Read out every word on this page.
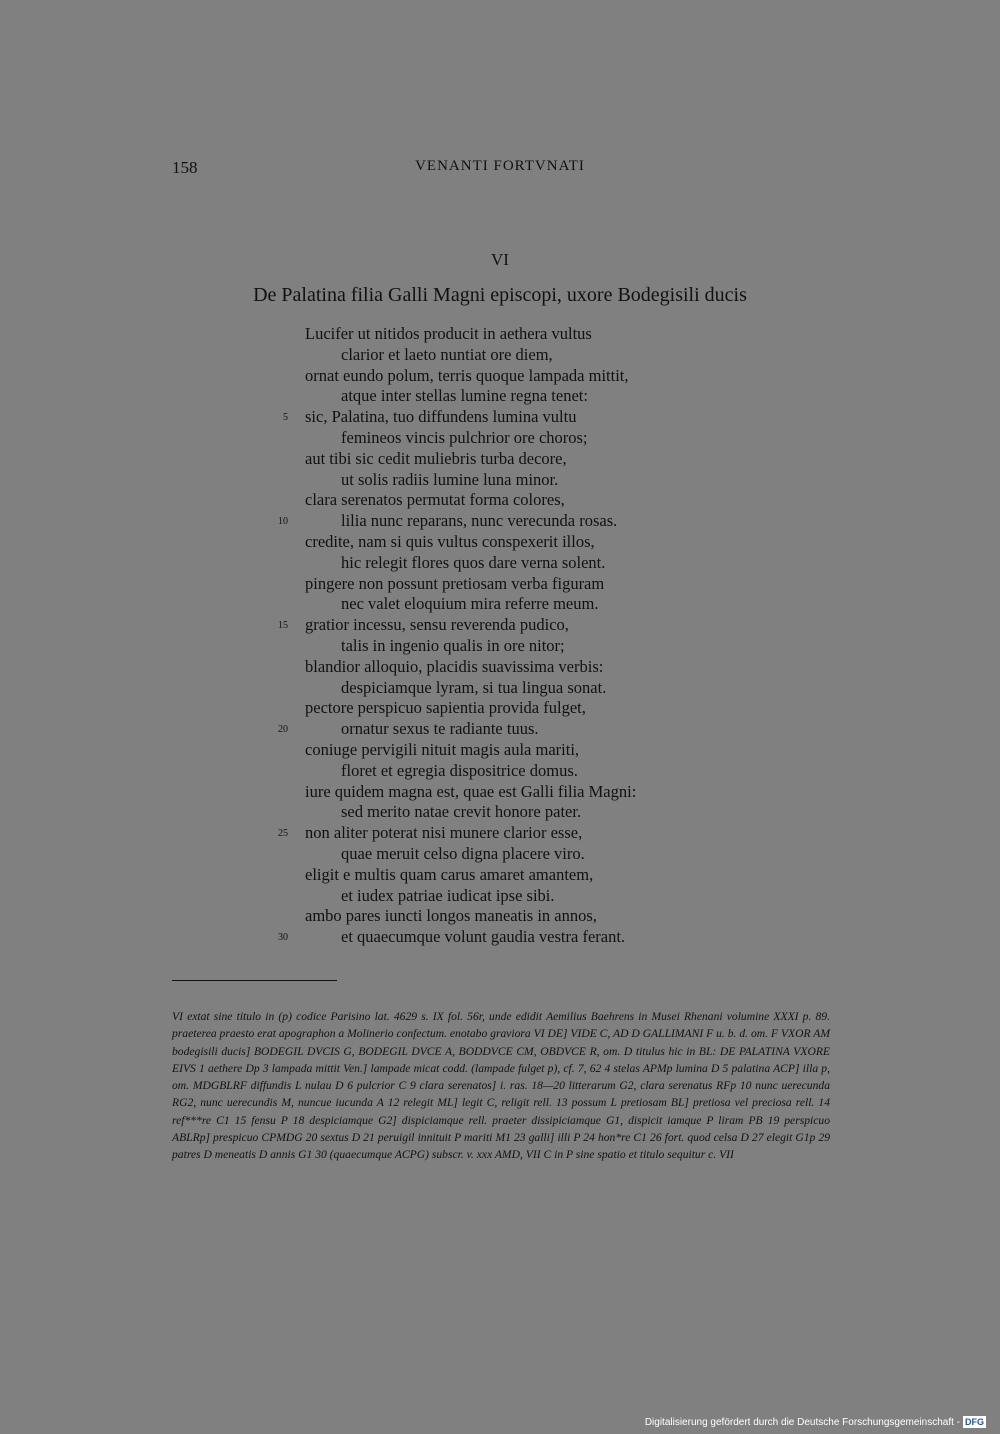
158	VENANTI FORTVNATI
VI
De Palatina filia Galli Magni episcopi, uxore Bodegisili ducis
Lucifer ut nitidos producit in aethera vultus
clarior et laeto nuntiat ore diem,
ornat eundo polum, terris quoque lampada mittit,
atque inter stellas lumine regna tenet:
sic, Palatina, tuo diffundens lumina vultu
femineos vincis pulchrior ore choros;
aut tibi sic cedit muliebris turba decore,
ut solis radiis lumine luna minor.
clara serenatos permutat forma colores,
lilia nunc reparans, nunc verecunda rosas.
credite, nam si quis vultus conspexerit illos,
hic relegit flores quos dare verna solent.
pingere non possunt pretiosam verba figuram
nec valet eloquium mira referre meum.
gratior incessu, sensu reverenda pudico,
talis in ingenio qualis in ore nitor;
blandior alloquio, placidis suavissima verbis:
despiciamque lyram, si tua lingua sonat.
pectore perspicuo sapientia provida fulget,
ornatur sexus te radiante tuus.
coniuge pervigili nituit magis aula mariti,
floret et egregia dispositrice domus.
iure quidem magna est, quae est Galli filia Magni:
sed merito natae crevit honore pater.
non aliter poterat nisi munere clarior esse,
quae meruit celso digna placere viro.
eligit e multis quam carus amaret amantem,
et iudex patriae iudicat ipse sibi.
ambo pares iuncti longos maneatis in annos,
et quaecumque volunt gaudia vestra ferant.
5
10
15
20
25
30
VI extat sine titulo in (p) codice Parisino lat. 4629 s. IX fol. 56r, unde edidit Aemilius Baehrens in Musei Rhenani volumine XXXI p. 89. praeterea praesto erat apographon a Molinerio confectum. enotabo graviora VI DE] VIDE C, AD D GALLIMANI F u. b. d. om. F VXOR AM bodegisili ducis] BODEGIL DVCIS G, BODEGIL DVCE A, BODDVCE CM, OBDVCE R, om. D titulus hic in BL: DE PALATINA VXORE EIVS 1 aethere Dp 3 lampada mittit Ven.] lampade micat codd. (lampade fulget p), cf. 7, 62 4 stelas APMp lumina D 5 palatina ACP] illa p, om. MDGBLRF diffundis L nulau D 6 pulcrior C 9 clara serenatos] i. ras. 18—20 litterarum G2, clara serenatus RFp 10 nunc uerecunda RG2, nunc uerecundis M, nuncue iucunda A 12 relegit ML] legit C, religit rell. 13 possum L pretiosam BL] pretiosa vel preciosa rell. 14 ref***re C1 15 fensu P 18 despiciamque G2] dispiciamque rell. praeter dissipiciamque G1, dispicit iamque P liram PB 19 perspicuo ABLRp] prespicuo CPMDG 20 sextus D 21 peruigil innituit P mariti M1 23 galli] illi P 24 hon*re C1 26 fort. quod celsa D 27 elegit G1p 29 patres D meneatis D annis G1 30 (quaecumque ACPG) subscr. v. xxx AMD, VII C in P sine spatio et titulo sequitur c. VII
Digitalisierung gefördert durch die Deutsche Forschungsgemeinschaft - DFG
